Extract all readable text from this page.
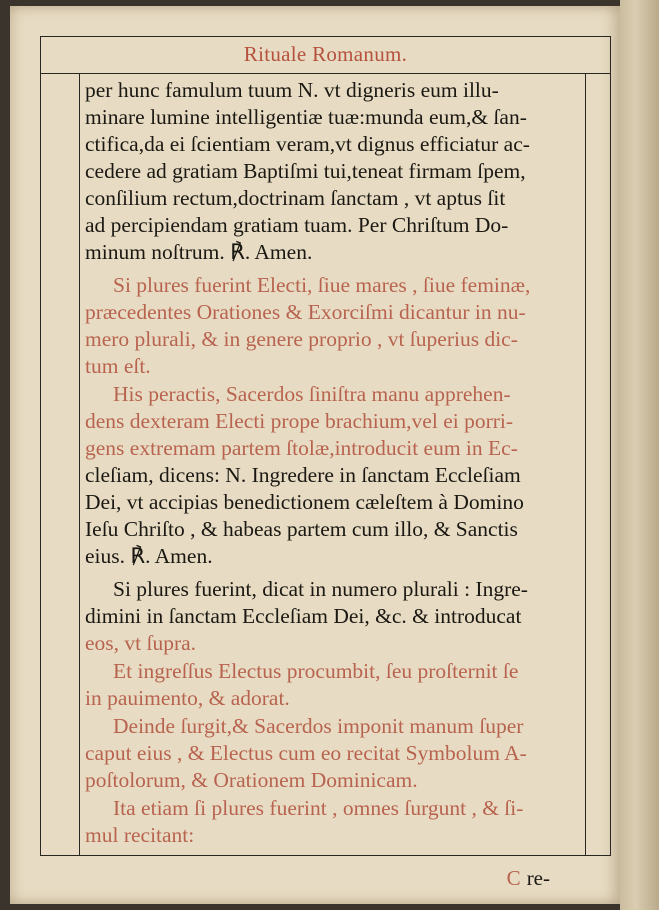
Rituale Romanum.
per hunc famulum tuum N. vt digneris eum illu-
minare lumine intelligentiæ tuæ:munda eum,& ſan-
ctifica,da ei ſcientiam veram,vt dignus efficiatur ac-
cedere ad gratiam Baptiſmi tui,teneat firmam ſpem,
conſilium rectum,doctrinam ſanctam , vt aptus ſit
ad percipiendam gratiam tuam. Per Chriſtum Do-
minum noſtrum. ℟. Amen.
Si plures fuerint Electi, ſiue mares , ſiue feminæ,
præcedentes Orationes & Exorciſmi dicantur in nu-
mero plurali, & in genere proprio , vt ſuperius dic-
tum eſt.
His peractis, Sacerdos ſiniſtra manu apprehen-
dens dexteram Electi prope brachium,vel ei porri-
gens extremam partem ſtolæ,introducit eum in Ec-
cleſiam, dicens: N. Ingredere in ſanctam Eccleſiam
Dei, vt accipias benedictionem cæleſtem à Domino
Ieſu Chriſto , & habeas partem cum illo, & Sanctis
eius. ℟. Amen.
Si plures fuerint, dicat in numero plurali : Ingre-
dimini in ſanctam Eccleſiam Dei, &c. & introducat
eos, vt ſupra.
Et ingreſſus Electus procumbit, ſeu proſternit ſe
in pauimento, & adorat.
Deinde ſurgit,& Sacerdos imponit manum ſuper
caput eius , & Electus cum eo recitat Symbolum A-
poſtolorum, & Orationem Dominicam.
Ita etiam ſi plures fuerint , omnes ſurgunt , & ſi-
mul recitant:
C re-
